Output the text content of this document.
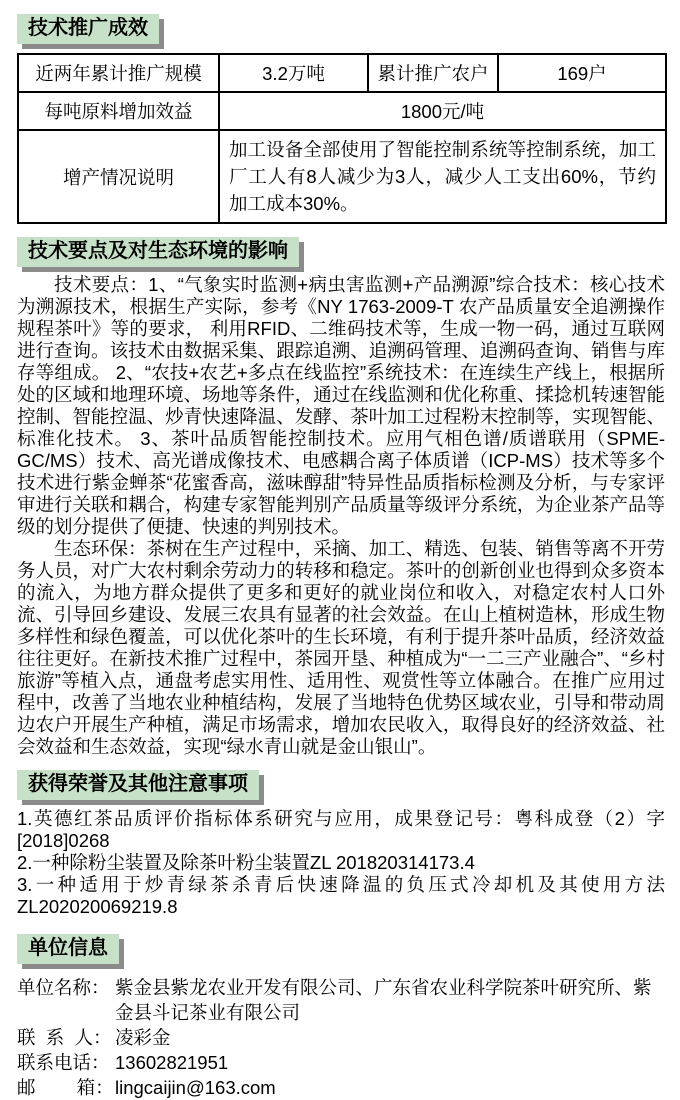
技术推广成效
近两年累计推广规模	3.2万吨	累计推广农户	169户
每吨原料增加效益	1800元/吨		
增产情况说明	加工设备全部使用了智能控制系统等控制系统，加工厂工人有8人减少为3人，减少人工支出60%，节约加工成本30%。		
技术要点及对生态环境的影响

技术要点：1、“气象实时监测+病虫害监测+产品溯源”综合技术：核心技术为溯源技术，根据生产实际，参考《NY 1763-2009-T 农产品质量安全追溯操作规程茶叶》等的要求， 利用RFID、二维码技术等，生成一物一码，通过互联网进行查询。该技术由数据采集、跟踪追溯、追溯码管理、追溯码查询、销售与库存等组成。 2、“农技+农艺+多点在线监控”系统技术：在连续生产线上，根据所处的区域和地理环境、场地等条件，通过在线监测和优化称重、揉捻机转速智能控制、智能控温、炒青快速降温、发酵、茶叶加工过程粉末控制等，实现智能、标准化技术。 3、茶叶品质智能控制技术。应用气相色谱/质谱联用（SPME-GC/MS）技术、高光谱成像技术、电感耦合离子体质谱（ICP-MS）技术等多个技术进行紫金蝉茶“花蜜香高，滋味醇甜”特异性品质指标检测及分析，与专家评审进行关联和耦合，构建专家智能判别产品质量等级评分系统，为企业茶产品等级的划分提供了便捷、快速的判别技术。

生态环保：茶树在生产过程中，采摘、加工、精选、包装、销售等离不开劳务人员，对广大农村剩余劳动力的转移和稳定。茶叶的创新创业也得到众多资本的流入，为地方群众提供了更多和更好的就业岗位和收入，对稳定农村人口外流、引导回乡建设、发展三农具有显著的社会效益。在山上植树造林，形成生物多样性和绿色覆盖，可以优化茶叶的生长环境，有利于提升茶叶品质，经济效益往往更好。在新技术推广过程中，茶园开垦、种植成为“一二三产业融合”、“乡村旅游”等植入点，通盘考虑实用性、适用性、观赏性等立体融合。在推广应用过程中，改善了当地农业种植结构，发展了当地特色优势区域农业，引导和带动周边农户开展生产种植，满足市场需求，增加农民收入，取得良好的经济效益、社会效益和生态效益，实现“绿水青山就是金山银山”。

获得荣誉及其他注意事项

1.英德红茶品质评价指标体系研究与应用，成果登记号：粤科成登（2）字[2018]0268

2.一种除粉尘装置及除茶叶粉尘装置ZL 201820314173.4

3.一种适用于炒青绿茶杀青后快速降温的负压式冷却机及其使用方法ZL202020069219.8

单位信息
单位名称： 紫金县紫龙农业开发有限公司、广东省农业科学院茶叶研究所、紫金县斗记茶业有限公司
联  系  人： 凌彩金
联系电话： 13602821951
邮        箱： lingcaijin@163.com
